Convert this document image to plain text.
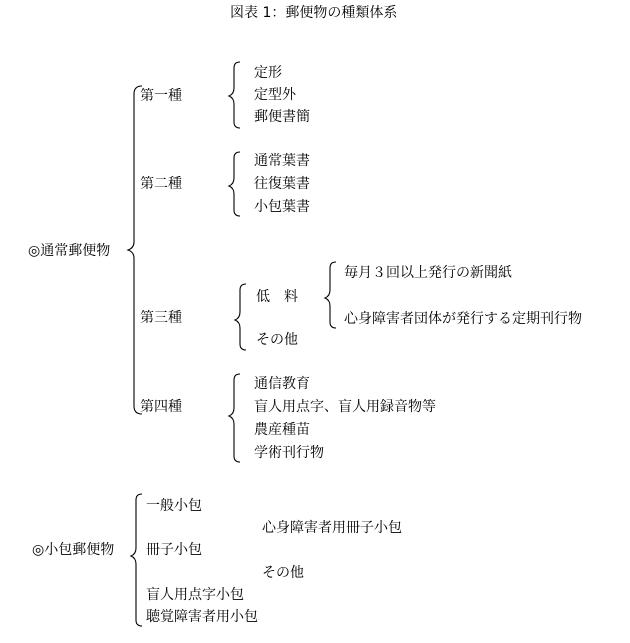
図表 1：郵便物の種類体系
◎通常郵便物
第一種
定形
定型外
郵便書簡
第二種
通常葉書
往復葉書
小包葉書
第三種
低　料
毎月３回以上発行の新聞紙
心身障害者団体が発行する定期刊行物
その他
第四種
通信教育
盲人用点字、盲人用録音物等
農産種苗
学術刊行物
◎小包郵便物
一般小包
心身障害者用冊子小包
冊子小包
その他
盲人用点字小包
聴覚障害者用小包
